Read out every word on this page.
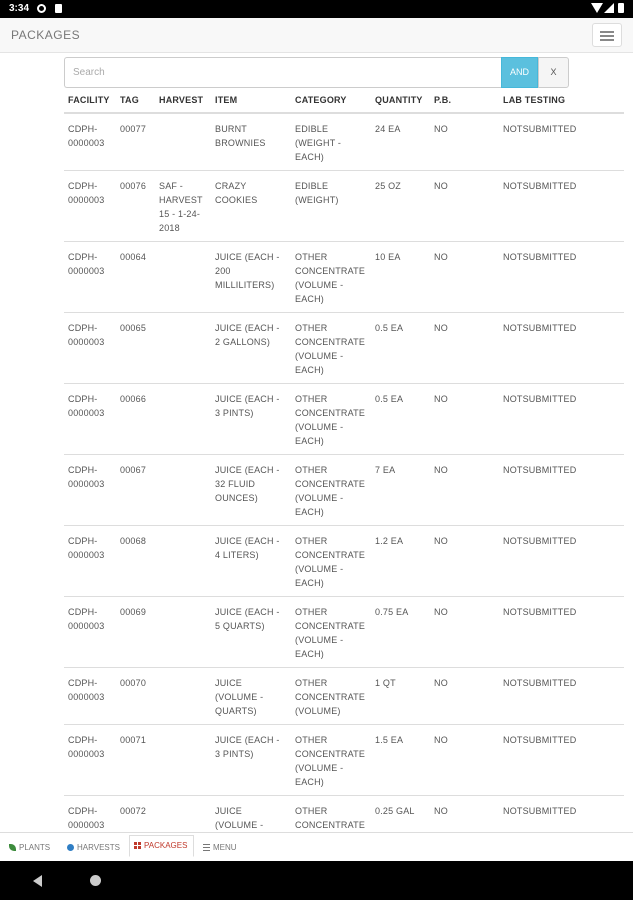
3:34
PACKAGES
Search
AND	X
FACILITY	TAG	HARVEST	ITEM	CATEGORY	QUANTITY	P.B.	LAB TESTING
CDPH-0000003	00077		BURNT BROWNIES	EDIBLE (WEIGHT - EACH)	24 EA	NO	NOTSUBMITTED
CDPH-0000003	00076	SAF - HARVEST 15 - 1-24-2018	CRAZY COOKIES	EDIBLE (WEIGHT)	25 OZ	NO	NOTSUBMITTED
CDPH-0000003	00064		JUICE (EACH - 200 MILLILITERS)	OTHER CONCENTRATE (VOLUME - EACH)	10 EA	NO	NOTSUBMITTED
CDPH-0000003	00065		JUICE (EACH - 2 GALLONS)	OTHER CONCENTRATE (VOLUME - EACH)	0.5 EA	NO	NOTSUBMITTED
CDPH-0000003	00066		JUICE (EACH - 3 PINTS)	OTHER CONCENTRATE (VOLUME - EACH)	0.5 EA	NO	NOTSUBMITTED
CDPH-0000003	00067		JUICE (EACH - 32 FLUID OUNCES)	OTHER CONCENTRATE (VOLUME - EACH)	7 EA	NO	NOTSUBMITTED
CDPH-0000003	00068		JUICE (EACH - 4 LITERS)	OTHER CONCENTRATE (VOLUME - EACH)	1.2 EA	NO	NOTSUBMITTED
CDPH-0000003	00069		JUICE (EACH - 5 QUARTS)	OTHER CONCENTRATE (VOLUME - EACH)	0.75 EA	NO	NOTSUBMITTED
CDPH-0000003	00070		JUICE (VOLUME - QUARTS)	OTHER CONCENTRATE (VOLUME)	1 QT	NO	NOTSUBMITTED
CDPH-0000003	00071		JUICE (EACH - 3 PINTS)	OTHER CONCENTRATE (VOLUME - EACH)	1.5 EA	NO	NOTSUBMITTED
CDPH-0000003	00072		JUICE (VOLUME -	OTHER CONCENTRATE	0.25 GAL	NO	NOTSUBMITTED

PLANTS	HARVESTS	PACKAGES	MENU
